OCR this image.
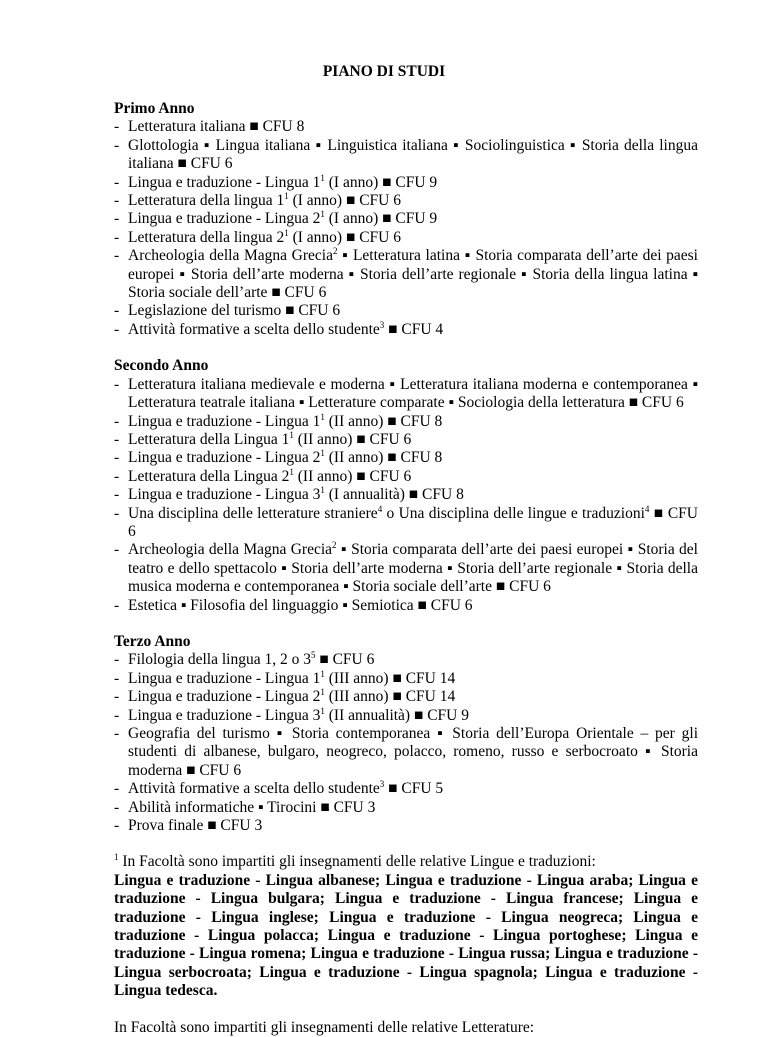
PIANO DI STUDI

Primo Anno

- Letteratura italiana ■ CFU 8
- Glottologia ▪ Lingua italiana ▪ Linguistica italiana ▪ Sociolinguistica ▪ Storia della lingua italiana ■ CFU 6
- Lingua e traduzione - Lingua $1^1$ (I anno) ■ CFU 9
- Letteratura della lingua $1^1$ (I anno) ■ CFU 6
- Lingua e traduzione - Lingua $2^1$ (I anno) ■ CFU 9
- Letteratura della lingua $2^1$ (I anno) ■ CFU 6
- Archeologia della Magna Grecia$^2$ ▪ Letteratura latina ▪ Storia comparata dell’arte dei paesi europei ▪ Storia dell’arte moderna ▪ Storia dell’arte regionale ▪ Storia della lingua latina ▪ Storia sociale dell’arte ■ CFU 6
- Legislazione del turismo ■ CFU 6
- Attività formative a scelta dello studente$^3$ ■ CFU 4

Secondo Anno

- Letteratura italiana medievale e moderna ▪ Letteratura italiana moderna e contemporanea ▪ Letteratura teatrale italiana ▪ Letterature comparate ▪ Sociologia della letteratura ■ CFU 6
- Lingua e traduzione - Lingua $1^1$ (II anno) ■ CFU 8
- Letteratura della Lingua $1^1$ (II anno) ■ CFU 6
- Lingua e traduzione - Lingua $2^1$ (II anno) ■ CFU 8
- Letteratura della Lingua $2^1$ (II anno) ■ CFU 6
- Lingua e traduzione - Lingua $3^1$ (I annualità) ■ CFU 8
- Una disciplina delle letterature straniere$^4$ o Una disciplina delle lingue e traduzioni$^4$ ■ CFU 6
- Archeologia della Magna Grecia$^2$ ▪ Storia comparata dell’arte dei paesi europei ▪ Storia del teatro e dello spettacolo ▪ Storia dell’arte moderna ▪ Storia dell’arte regionale ▪ Storia della musica moderna e contemporanea ▪ Storia sociale dell’arte ■ CFU 6
- Estetica ▪ Filosofia del linguaggio ▪ Semiotica ■ CFU 6

Terzo Anno

- Filologia della lingua 1, 2 o $3^5$ ■ CFU 6
- Lingua e traduzione - Lingua $1^1$ (III anno) ■ CFU 14
- Lingua e traduzione - Lingua $2^1$ (III anno) ■ CFU 14
- Lingua e traduzione - Lingua $3^1$ (II annualità) ■ CFU 9
- Geografia del turismo ▪ Storia contemporanea ▪ Storia dell’Europa Orientale – per gli studenti di albanese, bulgaro, neogreco, polacco, romeno, russo e serbocroato ▪ Storia moderna ■ CFU 6
- Attività formative a scelta dello studente$^3$ ■ CFU 5
- Abilità informatiche ▪ Tirocini ■ CFU 3
- Prova finale ■ CFU 3

$^1$ In Facoltà sono impartiti gli insegnamenti delle relative Lingue e traduzioni:

Lingua e traduzione - Lingua albanese; Lingua e traduzione - Lingua araba; Lingua e traduzione - Lingua bulgara; Lingua e traduzione - Lingua francese; Lingua e traduzione - Lingua inglese; Lingua e traduzione - Lingua neogreca; Lingua e traduzione - Lingua polacca; Lingua e traduzione - Lingua portoghese; Lingua e traduzione - Lingua romena; Lingua e traduzione - Lingua russa; Lingua e traduzione - Lingua serbocroata; Lingua e traduzione - Lingua spagnola; Lingua e traduzione - Lingua tedesca.

In Facoltà sono impartiti gli insegnamenti delle relative Letterature:
